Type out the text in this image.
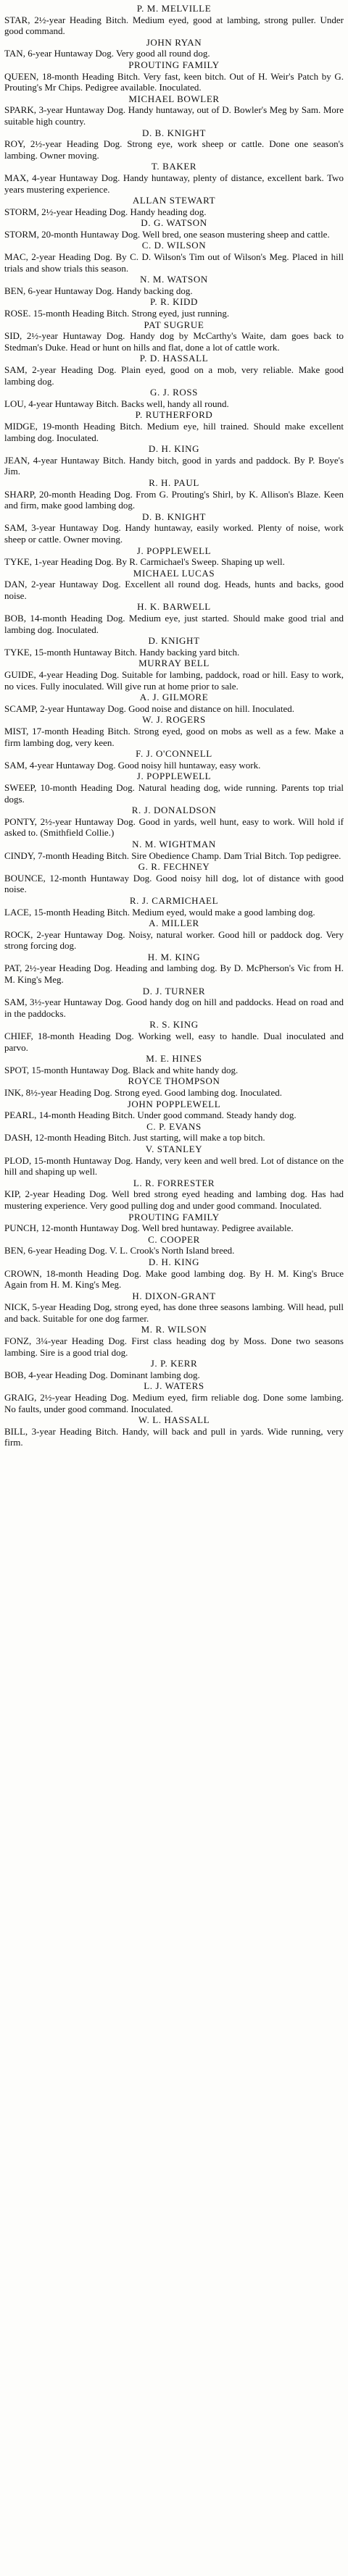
P. M. MELVILLE
STAR, 2½-year Heading Bitch. Medium eyed, good at lambing, strong puller. Under good command.
JOHN RYAN
TAN, 6-year Huntaway Dog. Very good all round dog.
PROUTING FAMILY
QUEEN, 18-month Heading Bitch. Very fast, keen bitch. Out of H. Weir's Patch by G. Prouting's Mr Chips. Pedigree available. Inoculated.
MICHAEL BOWLER
SPARK, 3-year Huntaway Dog. Handy huntaway, out of D. Bowler's Meg by Sam. More suitable high country.
D. B. KNIGHT
ROY, 2½-year Heading Dog. Strong eye, work sheep or cattle. Done one season's lambing. Owner moving.
T. BAKER
MAX, 4-year Huntaway Dog. Handy huntaway, plenty of distance, excellent bark. Two years mustering experience.
ALLAN STEWART
STORM, 2½-year Heading Dog. Handy heading dog.
D. G. WATSON
STORM, 20-month Huntaway Dog. Well bred, one season mustering sheep and cattle.
C. D. WILSON
MAC, 2-year Heading Dog. By C. D. Wilson's Tim out of Wilson's Meg. Placed in hill trials and show trials this season.
N. M. WATSON
BEN, 6-year Huntaway Dog. Handy backing dog.
P. R. KIDD
ROSE. 15-month Heading Bitch. Strong eyed, just running.
PAT SUGRUE
SID, 2½-year Huntaway Dog. Handy dog by McCarthy's Waite, dam goes back to Stedman's Duke. Head or hunt on hills and flat, done a lot of cattle work.
P. D. HASSALL
SAM, 2-year Heading Dog. Plain eyed, good on a mob, very reliable. Make good lambing dog.
G. J. ROSS
LOU, 4-year Huntaway Bitch. Backs well, handy all round.
P. RUTHERFORD
MIDGE, 19-month Heading Bitch. Medium eye, hill trained. Should make excellent lambing dog. Inoculated.
D. H. KING
JEAN, 4-year Huntaway Bitch. Handy bitch, good in yards and paddock. By P. Boye's Jim.
R. H. PAUL
SHARP, 20-month Heading Dog. From G. Prouting's Shirl, by K. Allison's Blaze. Keen and firm, make good lambing dog.
D. B. KNIGHT
SAM, 3-year Huntaway Dog. Handy huntaway, easily worked. Plenty of noise, work sheep or cattle. Owner moving.
J. POPPLEWELL
TYKE, 1-year Heading Dog. By R. Carmichael's Sweep. Shaping up well.
MICHAEL LUCAS
DAN, 2-year Huntaway Dog. Excellent all round dog. Heads, hunts and backs, good noise.
H. K. BARWELL
BOB, 14-month Heading Dog. Medium eye, just started. Should make good trial and lambing dog. Inoculated.
D. KNIGHT
TYKE, 15-month Huntaway Bitch. Handy backing yard bitch.
MURRAY BELL
GUIDE, 4-year Heading Dog. Suitable for lambing, paddock, road or hill. Easy to work, no vices. Fully inoculated. Will give run at home prior to sale.
A. J. GILMORE
SCAMP, 2-year Huntaway Dog. Good noise and distance on hill. Inoculated.
W. J. ROGERS
MIST, 17-month Heading Bitch. Strong eyed, good on mobs as well as a few. Make a firm lambing dog, very keen.
F. J. O'CONNELL
SAM, 4-year Huntaway Dog. Good noisy hill huntaway, easy work.
J. POPPLEWELL
SWEEP, 10-month Heading Dog. Natural heading dog, wide running. Parents top trial dogs.
R. J. DONALDSON
PONTY, 2½-year Huntaway Dog. Good in yards, well hunt, easy to work. Will hold if asked to. (Smithfield Collie.)
N. M. WIGHTMAN
CINDY, 7-month Heading Bitch. Sire Obedience Champ. Dam Trial Bitch. Top pedigree.
G. R. FECHNEY
BOUNCE, 12-month Huntaway Dog. Good noisy hill dog, lot of distance with good noise.
R. J. CARMICHAEL
LACE, 15-month Heading Bitch. Medium eyed, would make a good lambing dog.
A. MILLER
ROCK, 2-year Huntaway Dog. Noisy, natural worker. Good hill or paddock dog. Very strong forcing dog.
H. M. KING
PAT, 2½-year Heading Dog. Heading and lambing dog. By D. McPherson's Vic from H. M. King's Meg.
D. J. TURNER
SAM, 3½-year Huntaway Dog. Good handy dog on hill and paddocks. Head on road and in the paddocks.
R. S. KING
CHIEF, 18-month Heading Dog. Working well, easy to handle. Dual inoculated and parvo.
M. E. HINES
SPOT, 15-month Huntaway Dog. Black and white handy dog.
ROYCE THOMPSON
INK, 8½-year Heading Dog. Strong eyed. Good lambing dog. Inoculated.
JOHN POPPLEWELL
PEARL, 14-month Heading Bitch. Under good command. Steady handy dog.
C. P. EVANS
DASH, 12-month Heading Bitch. Just starting, will make a top bitch.
V. STANLEY
PLOD, 15-month Huntaway Dog. Handy, very keen and well bred. Lot of distance on the hill and shaping up well.
L. R. FORRESTER
KIP, 2-year Heading Dog. Well bred strong eyed heading and lambing dog. Has had mustering experience. Very good pulling dog and under good command. Inoculated.
PROUTING FAMILY
PUNCH, 12-month Huntaway Dog. Well bred huntaway. Pedigree available.
C. COOPER
BEN, 6-year Heading Dog. V. L. Crook's North Island breed.
D. H. KING
CROWN, 18-month Heading Dog. Make good lambing dog. By H. M. King's Bruce Again from H. M. King's Meg.
H. DIXON-GRANT
NICK, 5-year Heading Dog, strong eyed, has done three seasons lambing. Will head, pull and back. Suitable for one dog farmer.
M. R. WILSON
FONZ, 3¼-year Heading Dog. First class heading dog by Moss. Done two seasons lambing. Sire is a good trial dog.
J. P. KERR
BOB, 4-year Heading Dog. Dominant lambing dog.
L. J. WATERS
GRAIG, 2½-year Heading Dog. Medium eyed, firm reliable dog. Done some lambing. No faults, under good command. Inoculated.
W. L. HASSALL
BILL, 3-year Heading Bitch. Handy, will back and pull in yards. Wide running, very firm.
